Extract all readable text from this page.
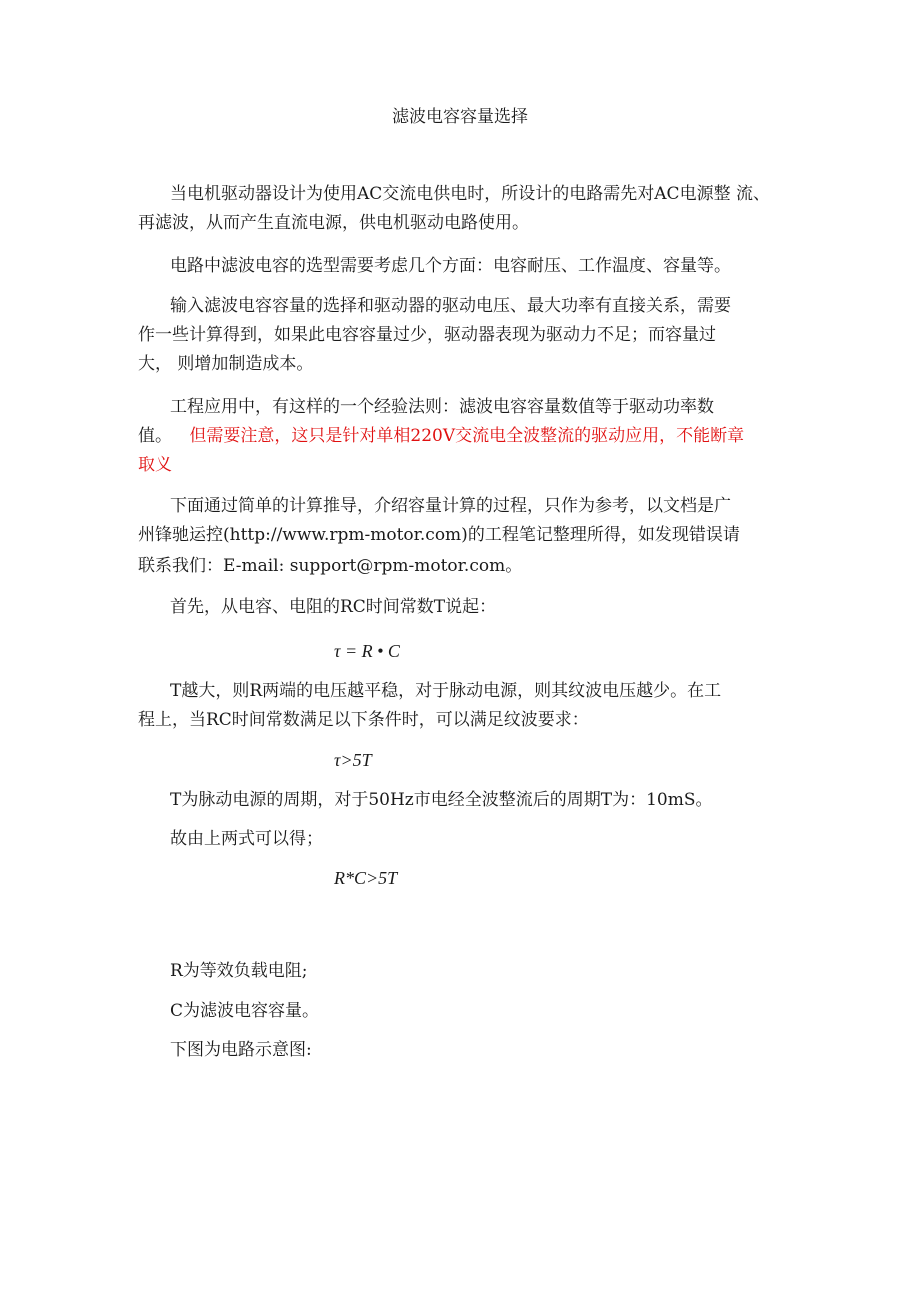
滤波电容容量选择
当电机驱动器设计为使用AC交流电供电时，所设计的电路需先对AC电源整 流、
再滤波，从而产生直流电源，供电机驱动电路使用。
电路中滤波电容的选型需要考虑几个方面：电容耐压、工作温度、容量等。
输入滤波电容容量的选择和驱动器的驱动电压、最大功率有直接关系，需要
作一些计算得到，如果此电容容量过少，驱动器表现为驱动力不足；而容量过
大， 则增加制造成本。
工程应用中，有这样的一个经验法则：滤波电容容量数值等于驱动功率数
值。 但需要注意，这只是针对单相220V交流电全波整流的驱动应用，不能断章
取义
下面通过简单的计算推导，介绍容量计算的过程，只作为参考，以文档是广
州锋驰运控(http://www.rpm-motor.com)的工程笔记整理所得，如发现错误请
联系我们：E-mail: support@rpm-motor.com。
首先，从电容、电阻的RC时间常数T说起：
τ = R • C
T越大，则R两端的电压越平稳，对于脉动电源，则其纹波电压越少。在工
程上，当RC时间常数满足以下条件时，可以满足纹波要求：
τ>5T
T为脉动电源的周期，对于50Hz市电经全波整流后的周期T为：10mS。
故由上两式可以得；
R*C>5T
R为等效负载电阻;
C为滤波电容容量。
下图为电路示意图:
